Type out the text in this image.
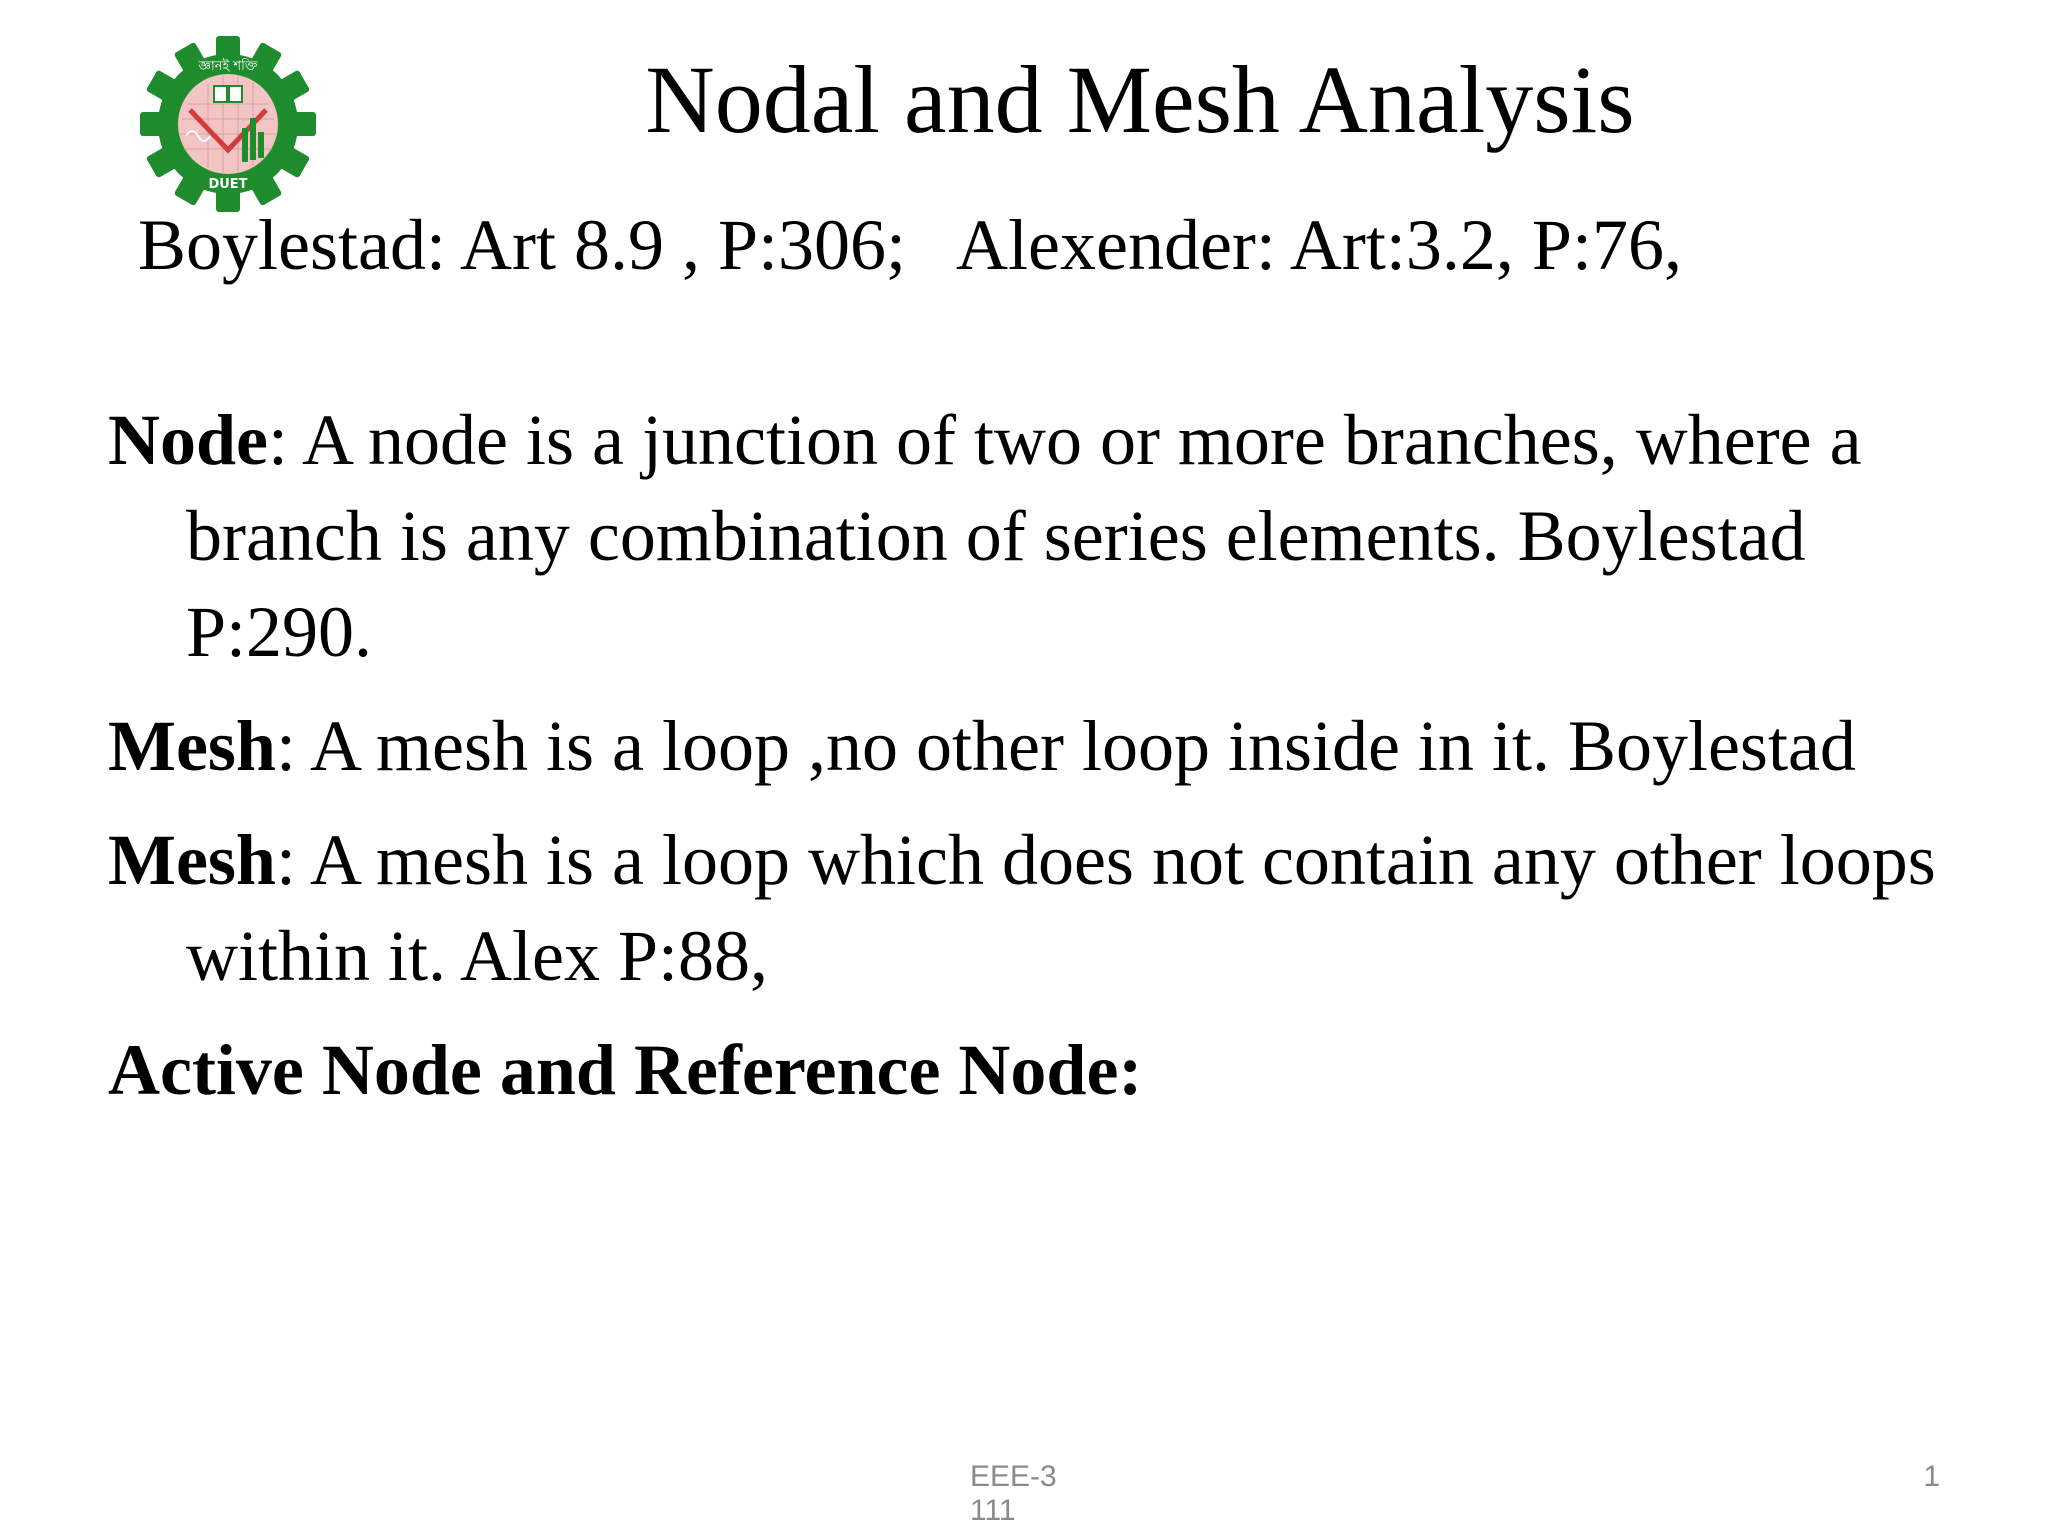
জ্ঞানই শক্তি
DUET
Nodal and Mesh Analysis
Boylestad: Art 8.9 , P:306;   Alexender: Art:3.2, P:76,

Node: A node is a junction of two or more branches, where a branch is any combination of series elements. Boylestad P:290.

Mesh: A mesh is a loop ,no other loop inside in it. Boylestad

Mesh: A mesh is a loop which does not contain any other loops within it. Alex P:88,

Active Node and Reference Node:

EEE-3111
1
